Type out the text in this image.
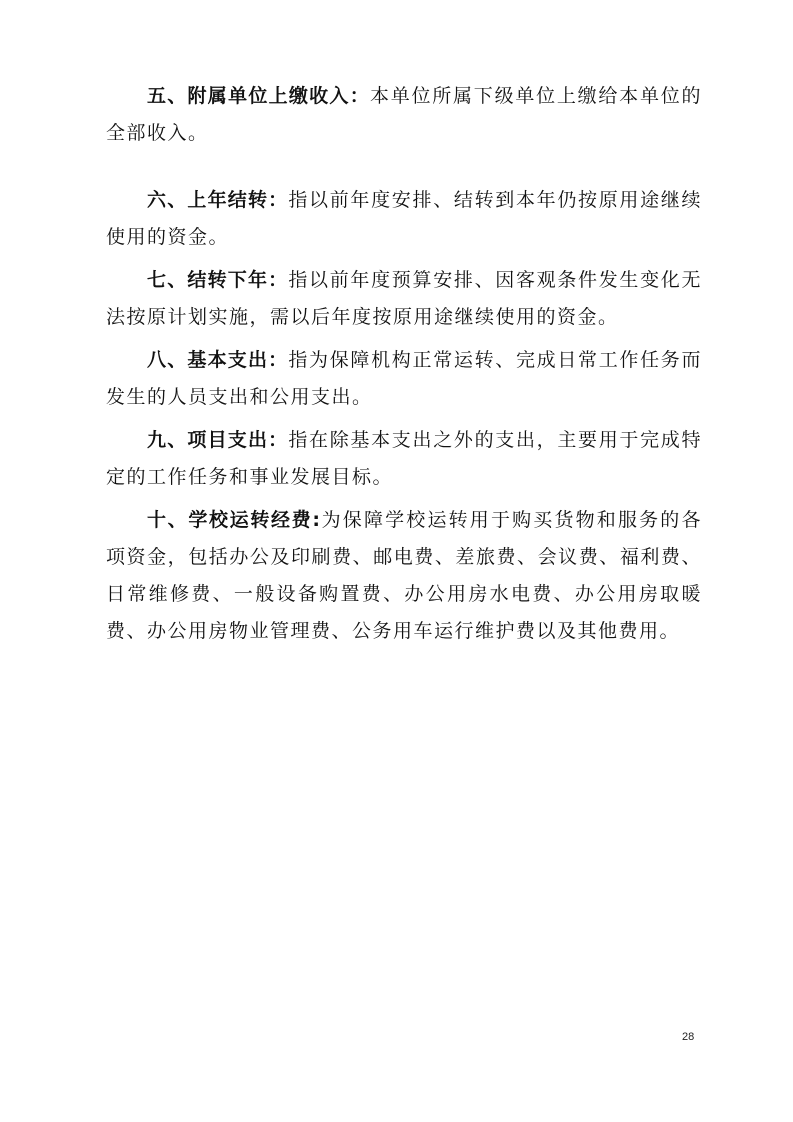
五、附属单位上缴收入：本单位所属下级单位上缴给本单位的全部收入。

六、上年结转：指以前年度安排、结转到本年仍按原用途继续使用的资金。

七、结转下年：指以前年度预算安排、因客观条件发生变化无法按原计划实施，需以后年度按原用途继续使用的资金。

八、基本支出：指为保障机构正常运转、完成日常工作任务而发生的人员支出和公用支出。

九、项目支出：指在除基本支出之外的支出，主要用于完成特定的工作任务和事业发展目标。

十、学校运转经费:为保障学校运转用于购买货物和服务的各项资金，包括办公及印刷费、邮电费、差旅费、会议费、福利费、日常维修费、一般设备购置费、办公用房水电费、办公用房取暖费、办公用房物业管理费、公务用车运行维护费以及其他费用。

28
